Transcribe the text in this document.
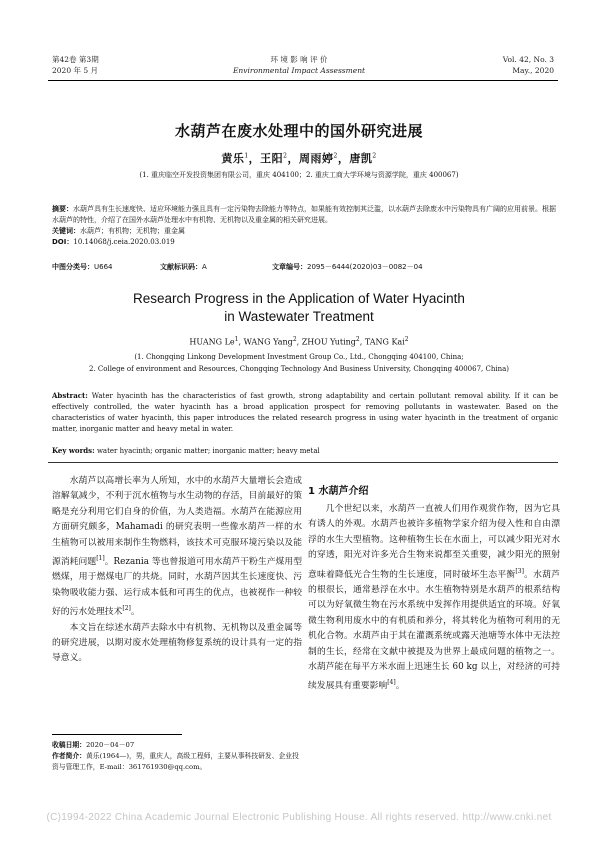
第42卷 第3期
2020 年 5 月
环 境 影 响 评 价
Environmental Impact Assessment
Vol. 42, No. 3
May., 2020
水葫芦在废水处理中的国外研究进展
黄乐$^1$，王阳$^2$，周雨婷$^2$，唐凯$^2$
(1. 重庆临空开发投资集团有限公司，重庆 404100；2. 重庆工商大学环境与资源学院，重庆 400067)

摘要：水葫芦具有生长速度快、适应环境能力强且具有一定污染物去除能力等特点，如果能有效控制其泛滥，以水葫芦去除废水中污染物具有广阔的应用前景。根据水葫芦的特性，介绍了在国外水葫芦处理水中有机物、无机物以及重金属的相关研究进展。

关键词：水葫芦；有机物；无机物；重金属

DOI：10.14068/j.ceia.2020.03.019

中图分类号：U664	文献标识码：A	文章编号：2095－6444(2020)03－0082－04
Research Progress in the Application of Water Hyacinth
in Wastewater Treatment
HUANG Le$^1$, WANG Yang$^2$, ZHOU Yuting$^2$, TANG Kai$^2$
(1. Chongqing Linkong Development Investment Group Co., Ltd., Chongqing 404100, China;
2. College of environment and Resources, Chongqing Technology And Business University, Chongqing 400067, China)

Abstract: Water hyacinth has the characteristics of fast growth, strong adaptability and certain pollutant removal ability. If it can be effectively controlled, the water hyacinth has a broad application prospect for removing pollutants in wastewater. Based on the characteristics of water hyacinth, this paper introduces the related research progress in using water hyacinth in the treatment of organic matter, inorganic matter and heavy metal in water.

Key words: water hyacinth; organic matter; inorganic matter; heavy metal

水葫芦以高增长率为人所知，水中的水葫芦大量增长会造成溶解氧减少，不利于沉水植物与水生动物的存活，目前最好的策略是充分利用它们自身的价值，为人类造福。水葫芦在能源应用方面研究颇多，Mahamadi 的研究表明一些像水葫芦一样的水生植物可以被用来制作生物燃料，该技术可克服环境污染以及能源消耗问题[1]。Rezania 等也曾报道可用水葫芦干粉生产煤用型燃煤，用于燃煤电厂的共烧。同时，水葫芦因其生长速度快、污染物吸收能力强、运行成本低和可再生的优点，也被视作一种较好的污水处理技术[2]。

本文旨在综述水葫芦去除水中有机物、无机物以及重金属等的研究进展，以期对废水处理植物修复系统的设计具有一定的指导意义。

收稿日期：2020－04－07
作者简介：黄乐(1964—)，男，重庆人，高级工程师，主要从事科技研发、企业投资与管理工作，E-mail：361761930@qq.com。
1 水葫芦介绍

几个世纪以来，水葫芦一直被人们用作观赏作物，因为它具有诱人的外观。水葫芦也被许多植物学家介绍为侵入性和自由漂浮的水生大型植物。这种植物生长在水面上，可以减少阳光对水的穿透，阳光对许多光合生物来说都至关重要，减少阳光的照射意味着降低光合生物的生长速度，同时破坏生态平衡[3]。水葫芦的根很长，通常悬浮在水中。水生植物特别是水葫芦的根系结构可以为好氧微生物在污水系统中发挥作用提供适宜的环境。好氧微生物利用废水中的有机质和养分，将其转化为植物可利用的无机化合物。水葫芦由于其在灌溉系统或露天池塘等水体中无法控制的生长，经常在文献中被提及为世界上最成问题的植物之一。水葫芦能在每平方米水面上迅速生长 60 kg 以上，对经济的可持续发展具有重要影响[4]。

(C)1994-2022 China Academic Journal Electronic Publishing House. All rights reserved. http://www.cnki.net
